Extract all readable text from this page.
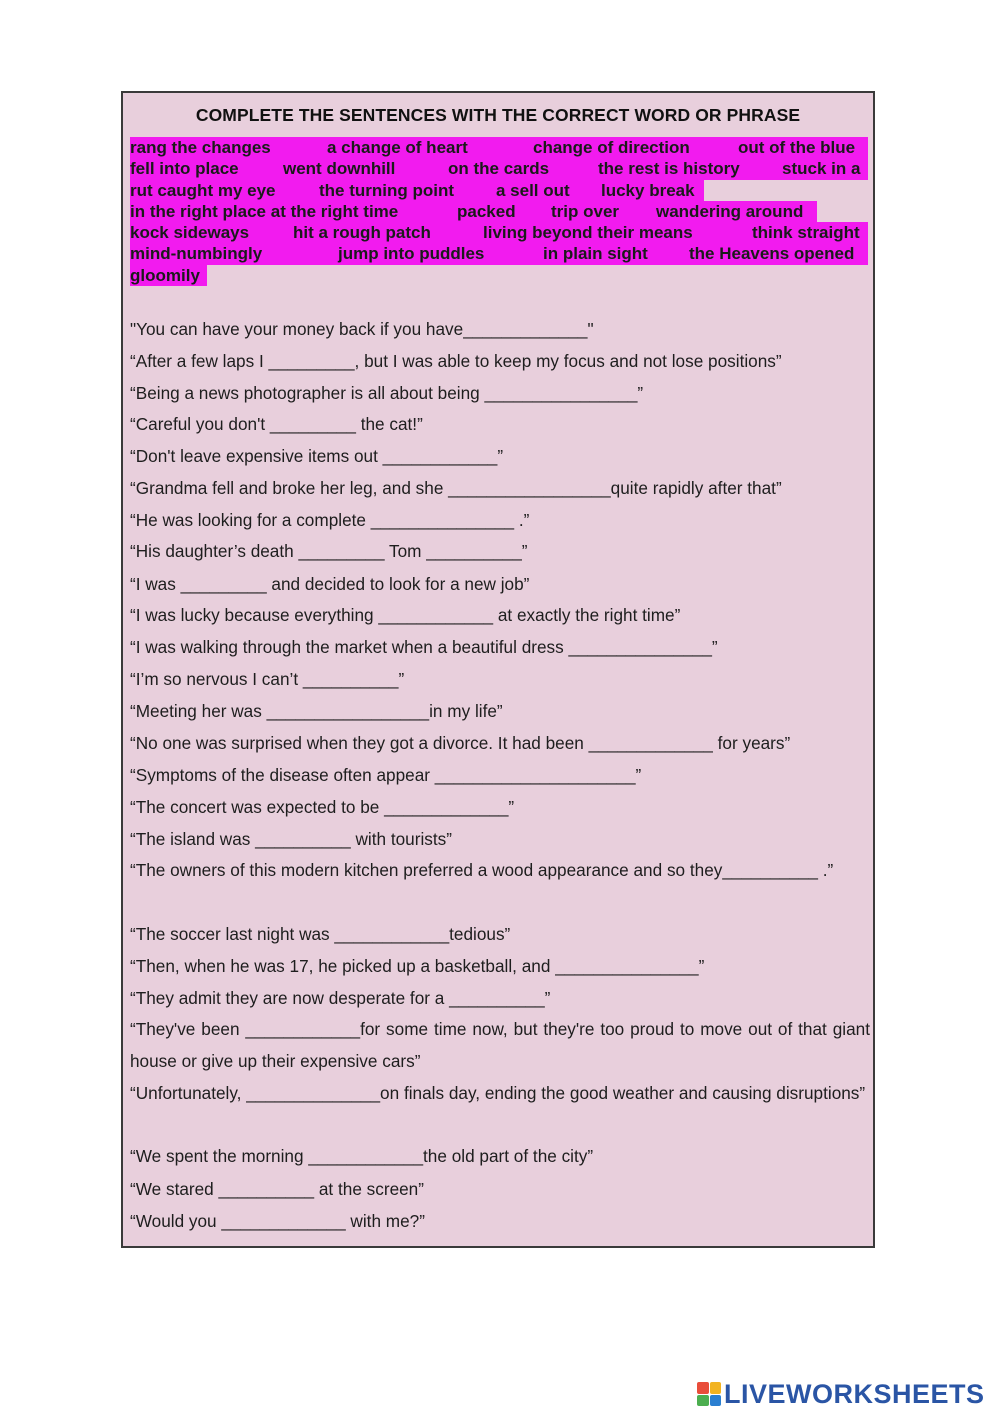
COMPLETE THE SENTENCES WITH THE CORRECT WORD OR PHRASE
rang the changes	a change of heart	change of direction	out of the blue
fell into place	went downhill	on the cards	the rest is history stuck in a
rut caught my eye	the turning point a sell out lucky break
in the right place at the right time	packed trip over wandering around
kock sideways	hit a rough patch	living beyond their means	think straight
mind-numbingly	jump into puddles	in plain sight the Heavens opened
gloomily
"You can have your money back if you have_____________"
“After a few laps I _________, but I was able to keep my focus and not lose positions”
“Being a news photographer is all about being ________________”
“Careful you don't _________ the cat!”
“Don't leave expensive items out ____________”
“Grandma fell and broke her leg, and she _________________quite rapidly after that”
“He was looking for a complete _______________ .”
“His daughter’s death _________ Tom __________”
“I was _________ and decided to look for a new job”
“I was lucky because everything ____________ at exactly the right time”
“I was walking through the market when a beautiful dress _______________”
“I’m so nervous I can’t __________”
“Meeting her was _________________in my life”
“No one was surprised when they got a divorce. It had been _____________ for years”
“Symptoms of the disease often appear _____________________”
“The concert was expected to be _____________”
“The island was __________ with tourists”
“The owners of this modern kitchen preferred a wood appearance and so they__________ .”
“The soccer last night was ____________tedious”
“Then, when he was 17, he picked up a basketball, and _______________”
“They admit they are now desperate for a __________”
“They've been ____________for some time now, but they're too proud to move out of that giant house or give up their expensive cars”
“Unfortunately, ______________on finals day, ending the good weather and causing disruptions”
“We spent the morning ____________the old part of the city”
“We stared __________ at the screen”
“Would you _____________ with me?”
LIVEWORKSHEETS
